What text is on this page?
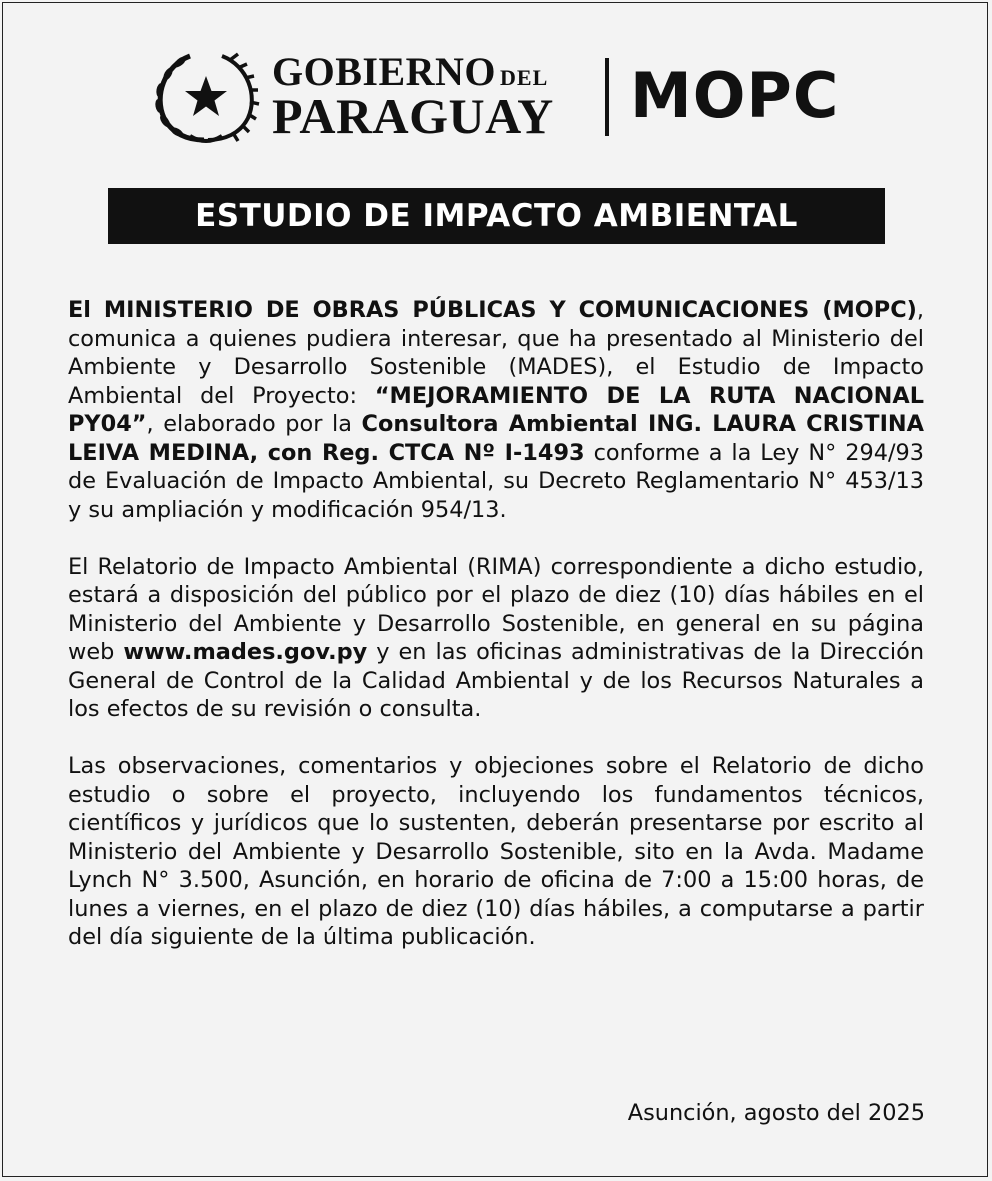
GOBIERNO DEL
PARAGUAY MOPC
ESTUDIO DE IMPACTO AMBIENTAL

El MINISTERIO DE OBRAS PÚBLICAS Y COMUNICACIONES (MOPC), comunica a quienes pudiera interesar, que ha presentado al Ministerio del Ambiente y Desarrollo Sostenible (MADES), el Estudio de Impacto Ambiental del Proyecto: “MEJORAMIENTO DE LA RUTA NACIONAL PY04”, elaborado por la Consultora Ambiental ING. LAURA CRISTINA LEIVA MEDINA, con Reg. CTCA Nº I-1493 conforme a la Ley N° 294/93 de Evaluación de Impacto Ambiental, su Decreto Reglamentario N° 453/13 y su ampliación y modificación 954/13.

El Relatorio de Impacto Ambiental (RIMA) correspondiente a dicho estudio, estará a disposición del público por el plazo de diez (10) días hábiles en el Ministerio del Ambiente y Desarrollo Sostenible, en general en su página web www.mades.gov.py y en las oficinas administrativas de la Dirección General de Control de la Calidad Ambiental y de los Recursos Naturales a los efectos de su revisión o consulta.

Las observaciones, comentarios y objeciones sobre el Relatorio de dicho estudio o sobre el proyecto, incluyendo los fundamentos técnicos, científicos y jurídicos que lo sustenten, deberán presentarse por escrito al Ministerio del Ambiente y Desarrollo Sostenible, sito en la Avda. Madame Lynch N° 3.500, Asunción, en horario de oficina de 7:00 a 15:00 horas, de lunes a viernes, en el plazo de diez (10) días hábiles, a computarse a partir del día siguiente de la última publicación.

Asunción, agosto del 2025
